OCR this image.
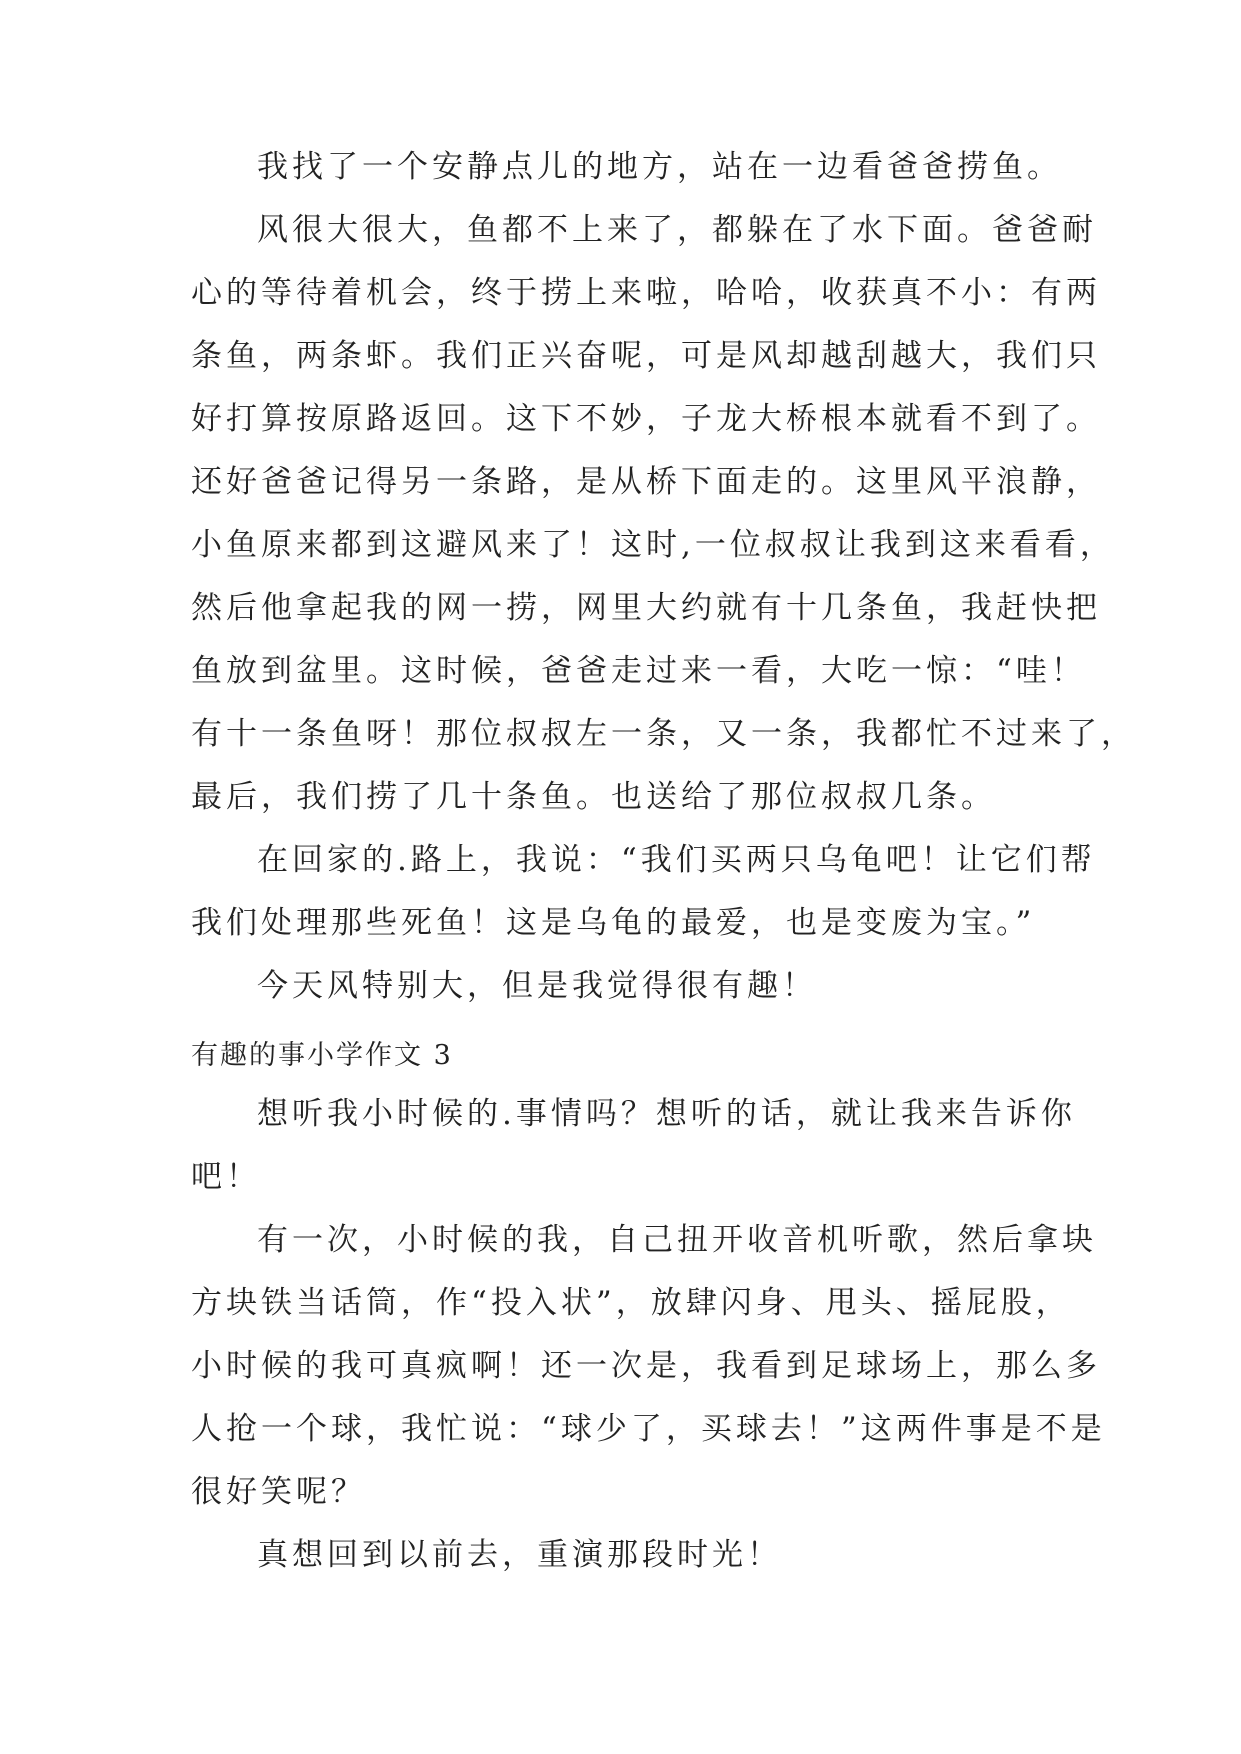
我找了一个安静点儿的地方，站在一边看爸爸捞鱼。
风很大很大，鱼都不上来了，都躲在了水下面。爸爸耐
心的等待着机会，终于捞上来啦，哈哈，收获真不小：有两
条鱼，两条虾。我们正兴奋呢，可是风却越刮越大，我们只
好打算按原路返回。这下不妙，子龙大桥根本就看不到了。
还好爸爸记得另一条路，是从桥下面走的。这里风平浪静，
小鱼原来都到这避风来了！这时,一位叔叔让我到这来看看，
然后他拿起我的网一捞，网里大约就有十几条鱼，我赶快把
鱼放到盆里。这时候，爸爸走过来一看，大吃一惊：“哇！
有十一条鱼呀！那位叔叔左一条，又一条，我都忙不过来了，
最后，我们捞了几十条鱼。也送给了那位叔叔几条。
在回家的.路上，我说：“我们买两只乌龟吧！让它们帮
我们处理那些死鱼！这是乌龟的最爱，也是变废为宝。”
今天风特别大，但是我觉得很有趣！
有趣的事小学作文 3
想听我小时候的.事情吗？想听的话，就让我来告诉你
吧！
有一次，小时候的我，自己扭开收音机听歌，然后拿块
方块铁当话筒，作“投入状”，放肆闪身、甩头、摇屁股，
小时候的我可真疯啊！还一次是，我看到足球场上，那么多
人抢一个球，我忙说：“球少了，买球去！”这两件事是不是
很好笑呢？
真想回到以前去，重演那段时光！
